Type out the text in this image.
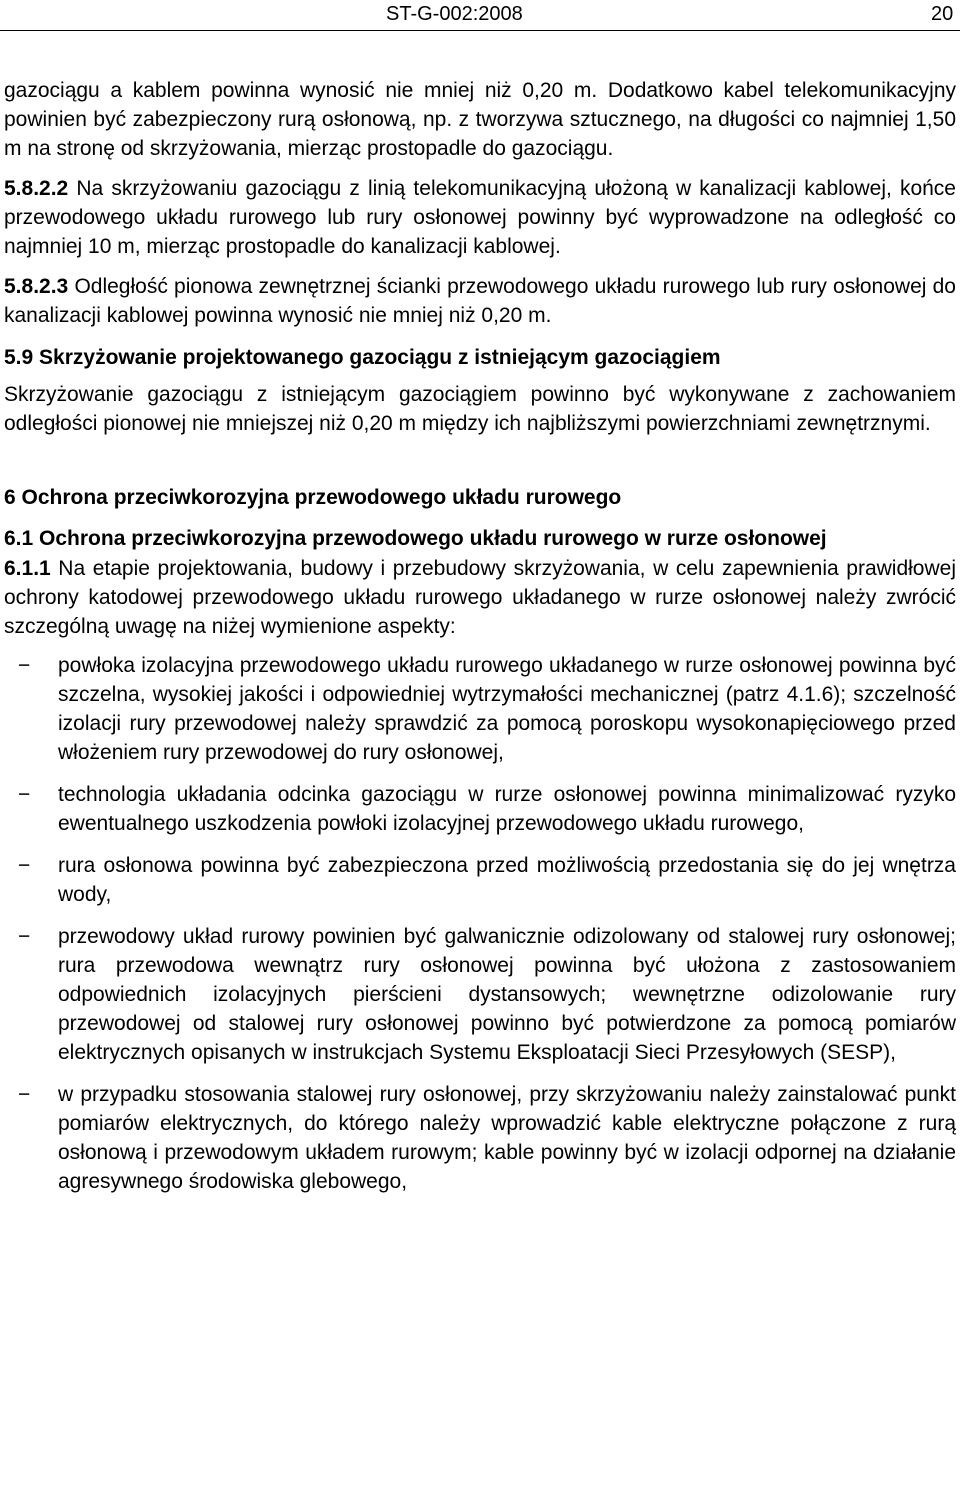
ST-G-002:2008	20

gazociągu a kablem powinna wynosić nie mniej niż 0,20 m. Dodatkowo kabel telekomunikacyjny powinien być zabezpieczony rurą osłonową, np. z tworzywa sztucznego, na długości co najmniej 1,50 m na stronę od skrzyżowania, mierząc prostopadle do gazociągu.

5.8.2.2 Na skrzyżowaniu gazociągu z linią telekomunikacyjną ułożoną w kanalizacji kablowej, końce przewodowego układu rurowego lub rury osłonowej powinny być wyprowadzone na odległość co najmniej 10 m, mierząc prostopadle do kanalizacji kablowej.

5.8.2.3 Odległość pionowa zewnętrznej ścianki przewodowego układu rurowego lub rury osłonowej do kanalizacji kablowej powinna wynosić nie mniej niż 0,20 m.

5.9 Skrzyżowanie projektowanego gazociągu z istniejącym gazociągiem

Skrzyżowanie gazociągu z istniejącym gazociągiem powinno być wykonywane z zachowaniem odległości pionowej nie mniejszej niż 0,20 m między ich najbliższymi powierzchniami zewnętrznymi.

6 Ochrona przeciwkorozyjna przewodowego układu rurowego
6.1 Ochrona przeciwkorozyjna przewodowego układu rurowego w rurze osłonowej

6.1.1 Na etapie projektowania, budowy i przebudowy skrzyżowania, w celu zapewnienia prawidłowej ochrony katodowej przewodowego układu rurowego układanego w rurze osłonowej należy zwrócić szczególną uwagę na niżej wymienione aspekty:

− powłoka izolacyjna przewodowego układu rurowego układanego w rurze osłonowej powinna być szczelna, wysokiej jakości i odpowiedniej wytrzymałości mechanicznej (patrz 4.1.6); szczelność izolacji rury przewodowej należy sprawdzić za pomocą poroskopu wysokonapięciowego przed włożeniem rury przewodowej do rury osłonowej,

− technologia układania odcinka gazociągu w rurze osłonowej powinna minimalizować ryzyko ewentualnego uszkodzenia powłoki izolacyjnej przewodowego układu rurowego,

− rura osłonowa powinna być zabezpieczona przed możliwością przedostania się do jej wnętrza wody,

− przewodowy układ rurowy powinien być galwanicznie odizolowany od stalowej rury osłonowej; rura przewodowa wewnątrz rury osłonowej powinna być ułożona z zastosowaniem odpowiednich izolacyjnych pierścieni dystansowych; wewnętrzne odizolowanie rury przewodowej od stalowej rury osłonowej powinno być potwierdzone za pomocą pomiarów elektrycznych opisanych w instrukcjach Systemu Eksploatacji Sieci Przesyłowych (SESP),

− w przypadku stosowania stalowej rury osłonowej, przy skrzyżowaniu należy zainstalować punkt pomiarów elektrycznych, do którego należy wprowadzić kable elektryczne połączone z rurą osłonową i przewodowym układem rurowym; kable powinny być w izolacji odpornej na działanie agresywnego środowiska glebowego,
